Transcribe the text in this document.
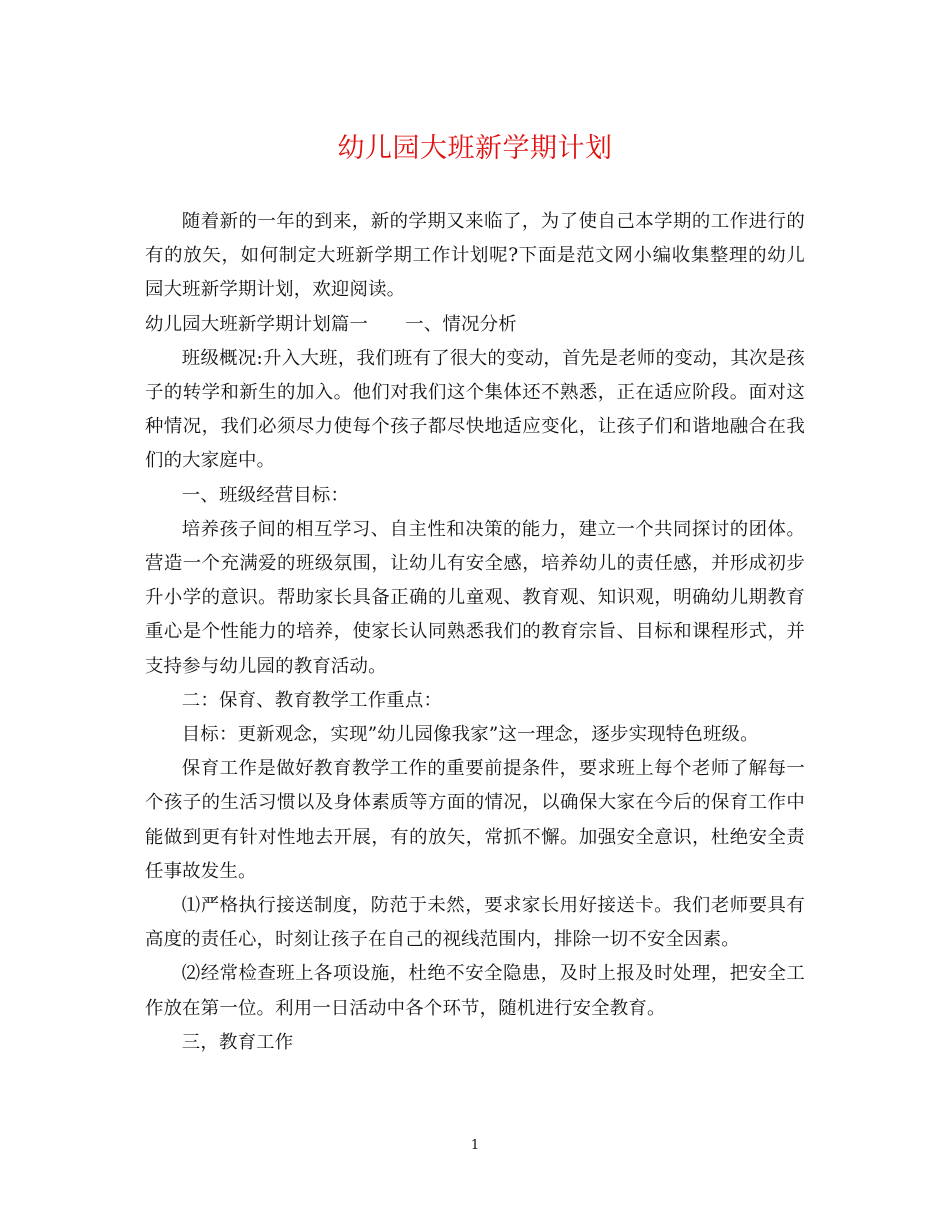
幼儿园大班新学期计划

随着新的一年的到来，新的学期又来临了，为了使自己本学期的工作进行的有的放矢，如何制定大班新学期工作计划呢?下面是范文网小编收集整理的幼儿园大班新学期计划，欢迎阅读。

幼儿园大班新学期计划篇一　　一、情况分析

班级概况:升入大班，我们班有了很大的变动，首先是老师的变动，其次是孩子的转学和新生的加入。他们对我们这个集体还不熟悉，正在适应阶段。面对这种情况，我们必须尽力使每个孩子都尽快地适应变化，让孩子们和谐地融合在我们的大家庭中。

一、班级经营目标：

培养孩子间的相互学习、自主性和决策的能力，建立一个共同探讨的团体。营造一个充满爱的班级氛围，让幼儿有安全感，培养幼儿的责任感，并形成初步升小学的意识。帮助家长具备正确的儿童观、教育观、知识观，明确幼儿期教育重心是个性能力的培养，使家长认同熟悉我们的教育宗旨、目标和课程形式，并支持参与幼儿园的教育活动。

二：保育、教育教学工作重点：

目标：更新观念，实现”幼儿园像我家”这一理念，逐步实现特色班级。

保育工作是做好教育教学工作的重要前提条件，要求班上每个老师了解每一个孩子的生活习惯以及身体素质等方面的情况，以确保大家在今后的保育工作中能做到更有针对性地去开展，有的放矢，常抓不懈。加强安全意识，杜绝安全责任事故发生。

⑴严格执行接送制度，防范于未然，要求家长用好接送卡。我们老师要具有高度的责任心，时刻让孩子在自己的视线范围内，排除一切不安全因素。

⑵经常检查班上各项设施，杜绝不安全隐患，及时上报及时处理，把安全工作放在第一位。利用一日活动中各个环节，随机进行安全教育。

三，教育工作

1
